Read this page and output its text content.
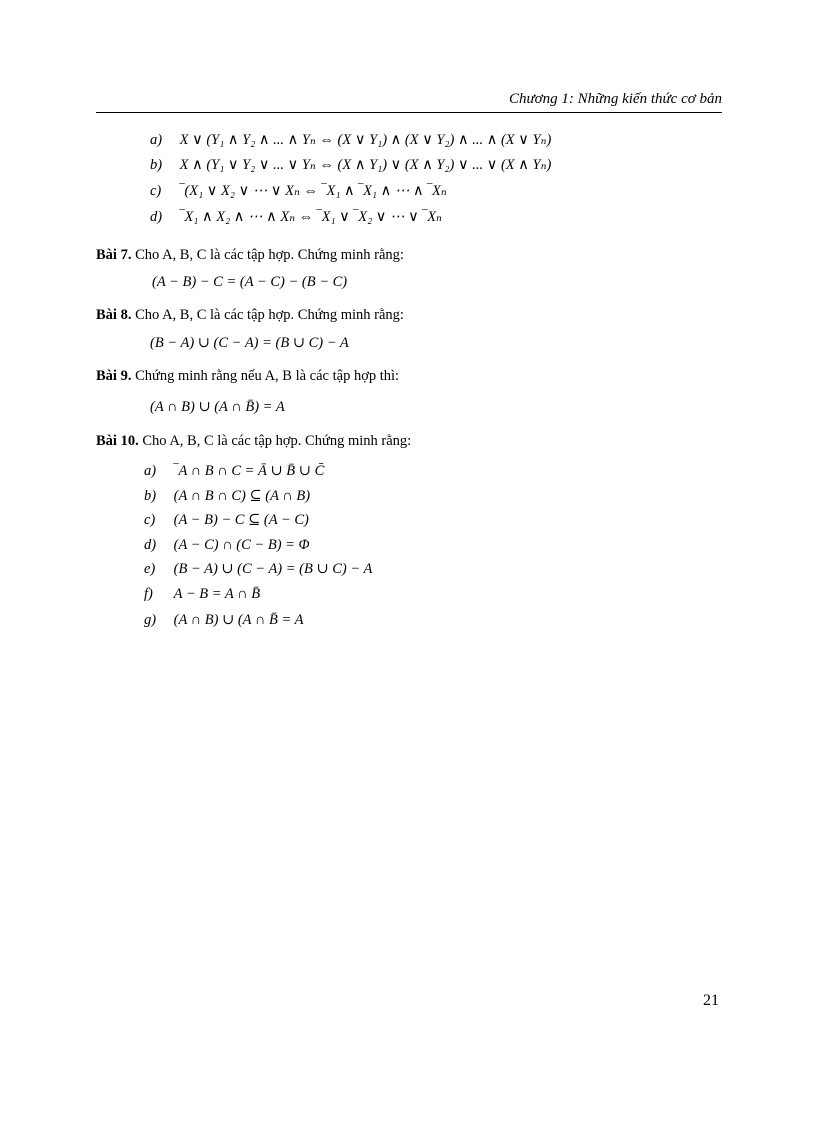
Chương 1: Những kiến thức cơ bản
a) X ∨ (Y₁ ∧ Y₂ ∧ ... ∧ Yₙ ⇔ (X ∨ Y₁) ∧ (X ∨ Y₂) ∧ ... ∧ (X ∨ Yₙ)
b) X ∧ (Y₁ ∨ Y₂ ∨ ... ∨ Yₙ ⇔ (X ∧ Y₁) ∨ (X ∧ Y₂) ∨ ... ∨ (X ∧ Yₙ)
c) ‾(X₁ ∨ X₂ ∨ ⋯ ∨ Xₙ ⇔ ‾X₁ ∧ ‾X₁ ∧ ⋯ ∧ ‾Xₙ
d) ‾X₁ ∧ X₂ ∧ ⋯ ∧ Xₙ ⇔ ‾X₁ ∨ ‾X₂ ∨ ⋯ ∨ ‾Xₙ
Bài 7. Cho A, B, C là các tập hợp. Chứng minh rằng:
(A − B) − C = (A − C) − (B − C)
Bài 8. Cho A, B, C là các tập hợp. Chứng minh rằng:
(B − A) ∪ (C − A) = (B ∪ C) − A
Bài 9. Chứng minh rằng nếu A, B là các tập hợp thì:
(A ∩ B) ∪ (A ∩ B̄) = A
Bài 10. Cho A, B, C là các tập hợp. Chứng minh rằng:
a) ‾A ∩ B ∩ C = Ā ∪ B̄ ∪ C̄
b) (A ∩ B ∩ C) ⊆ (A ∩ B)
c) (A − B) − C ⊆ (A − C)
d) (A − C) ∩ (C − B) = Φ
e) (B − A) ∪ (C − A) = (B ∪ C) − A
f) A − B = A ∩ B̄
g) (A ∩ B) ∪ (A ∩ B̄ = A
21
